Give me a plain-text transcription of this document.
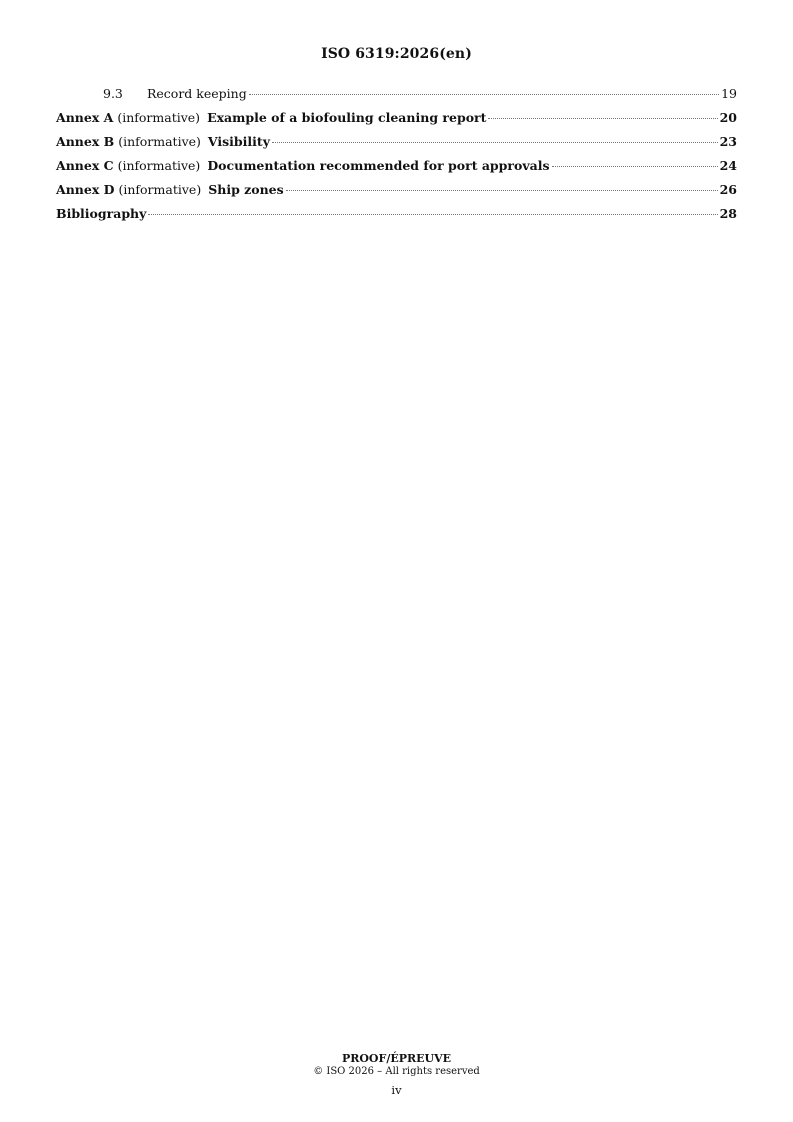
ISO 6319:2026(en)
9.3	Record keeping	19
Annex A (informative) Example of a biofouling cleaning report	20
Annex B (informative) Visibility	23
Annex C (informative) Documentation recommended for port approvals	24
Annex D (informative) Ship zones	26
Bibliography	28
PROOF/ÉPREUVE
© ISO 2026 – All rights reserved
iv
